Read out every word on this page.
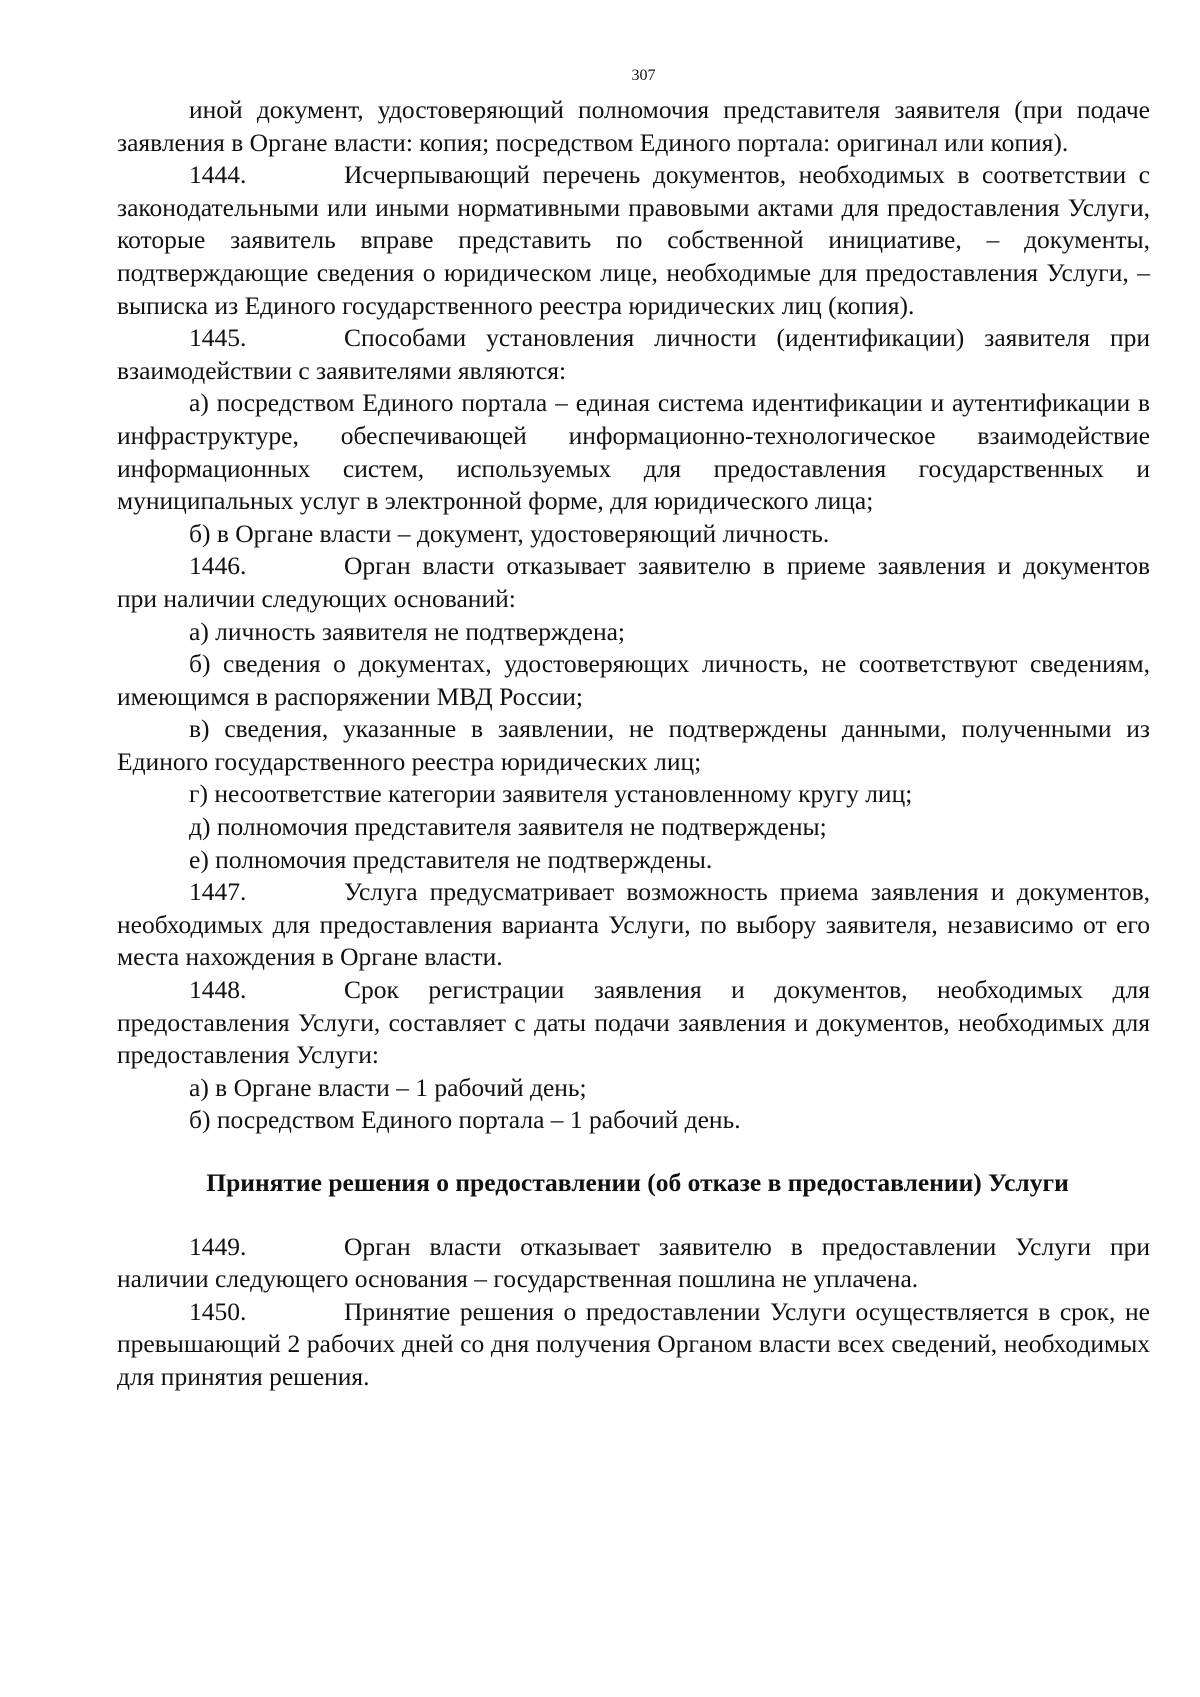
307

иной документ, удостоверяющий полномочия представителя заявителя (при подаче заявления в Органе власти: копия; посредством Единого портала: оригинал или копия).

1444.	Исчерпывающий перечень документов, необходимых в соответствии с законодательными или иными нормативными правовыми актами для предоставления Услуги, которые заявитель вправе представить по собственной инициативе, – документы, подтверждающие сведения о юридическом лице, необходимые для предоставления Услуги, – выписка из Единого государственного реестра юридических лиц (копия).

1445.	Способами установления личности (идентификации) заявителя при взаимодействии с заявителями являются:

а) посредством Единого портала – единая система идентификации и аутентификации в инфраструктуре, обеспечивающей информационно-технологическое взаимодействие информационных систем, используемых для предоставления государственных и муниципальных услуг в электронной форме, для юридического лица;

б) в Органе власти – документ, удостоверяющий личность.

1446.	Орган власти отказывает заявителю в приеме заявления и документов при наличии следующих оснований:

а) личность заявителя не подтверждена;

б) сведения о документах, удостоверяющих личность, не соответствуют сведениям, имеющимся в распоряжении МВД России;

в) сведения, указанные в заявлении, не подтверждены данными, полученными из Единого государственного реестра юридических лиц;

г) несоответствие категории заявителя установленному кругу лиц;

д) полномочия представителя заявителя не подтверждены;

е) полномочия представителя не подтверждены.

1447.	Услуга предусматривает возможность приема заявления и документов, необходимых для предоставления варианта Услуги, по выбору заявителя, независимо от его места нахождения в Органе власти.

1448.	Срок регистрации заявления и документов, необходимых для предоставления Услуги, составляет с даты подачи заявления и документов, необходимых для предоставления Услуги:

а) в Органе власти – 1 рабочий день;

б) посредством Единого портала – 1 рабочий день.

Принятие решения о предоставлении (об отказе в предоставлении) Услуги

1449.	Орган власти отказывает заявителю в предоставлении Услуги при наличии следующего основания – государственная пошлина не уплачена.

1450.	Принятие решения о предоставлении Услуги осуществляется в срок, не превышающий 2 рабочих дней со дня получения Органом власти всех сведений, необходимых для принятия решения.
